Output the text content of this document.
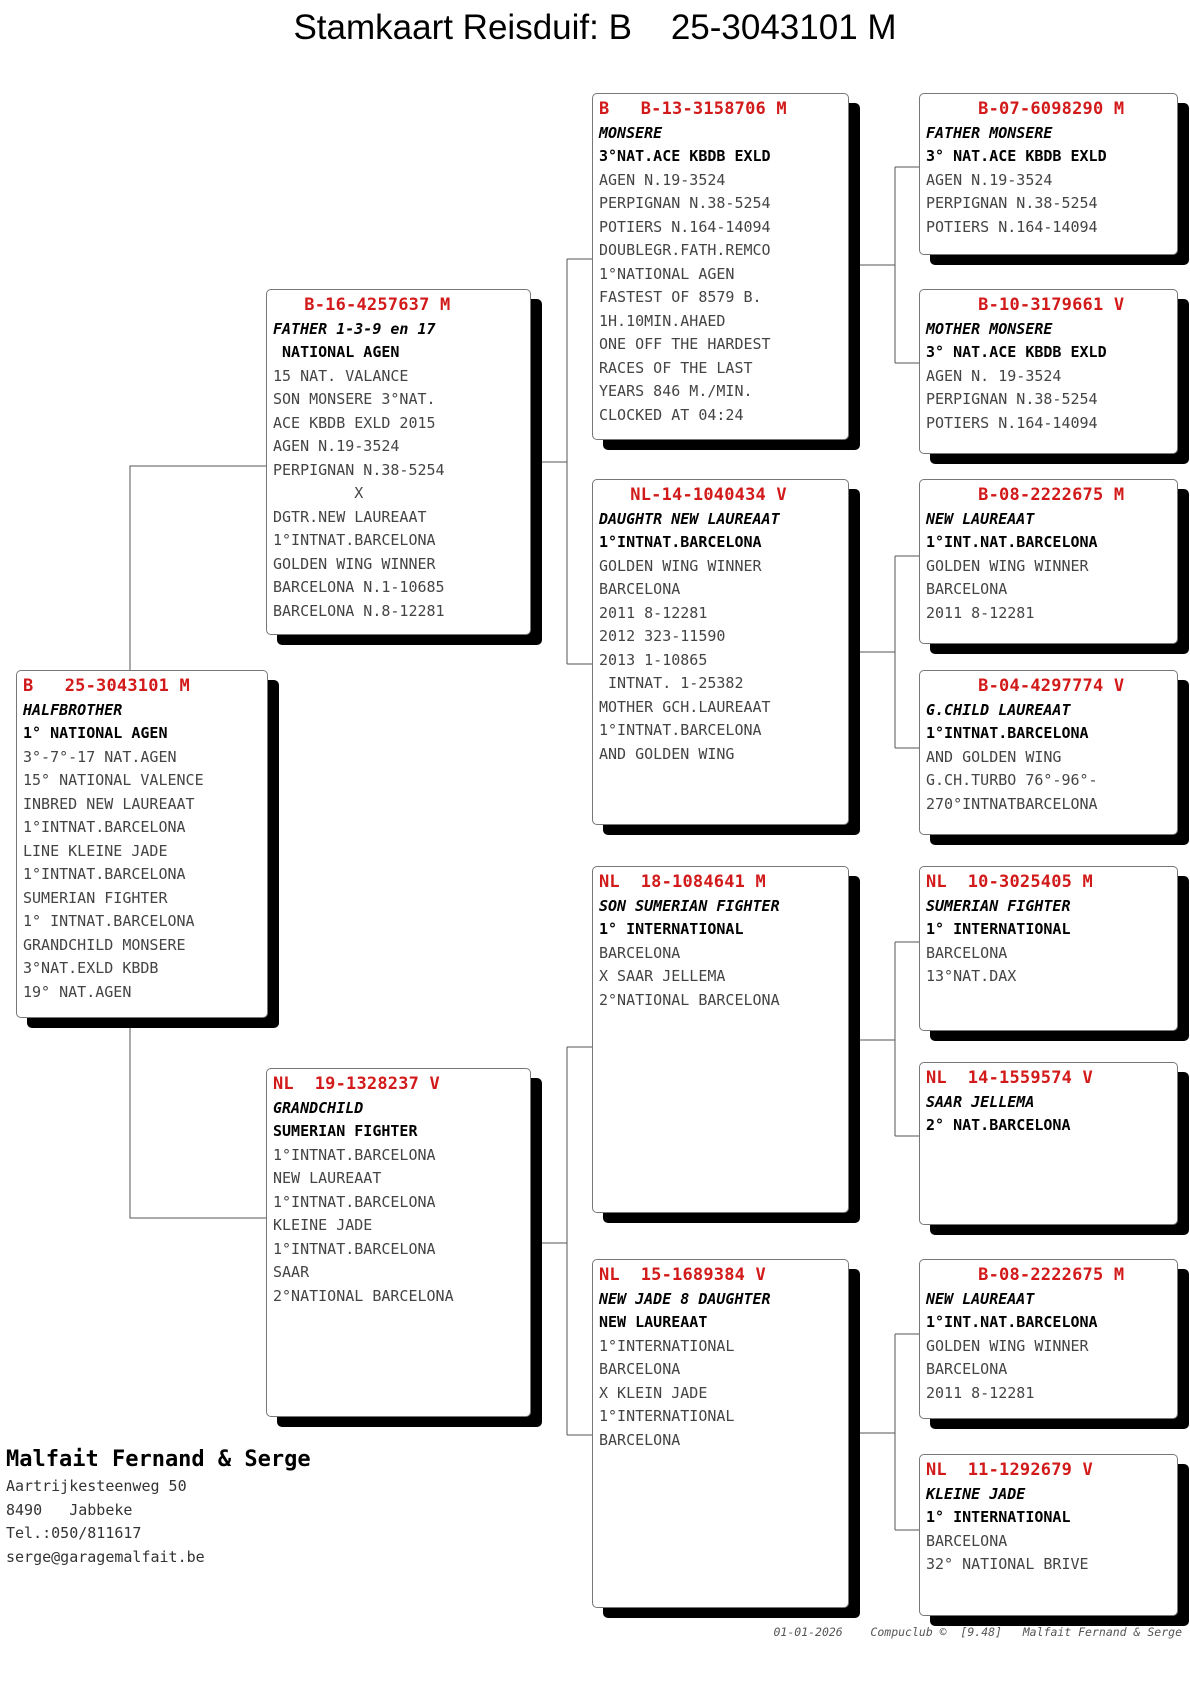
Stamkaart Reisduif: B    25-3043101 M
B   25-3043101 M
HALFBROTHER
1° NATIONAL AGEN
3°-7°-17 NAT.AGEN
15° NATIONAL VALENCE
INBRED NEW LAUREAAT
1°INTNAT.BARCELONA
LINE KLEINE JADE
1°INTNAT.BARCELONA
SUMERIAN FIGHTER
1° INTNAT.BARCELONA
GRANDCHILD MONSERE
3°NAT.EXLD KBDB
19° NAT.AGEN
B-16-4257637 M
FATHER 1-3-9 en 17
NATIONAL AGEN
15 NAT. VALANCE
SON MONSERE 3°NAT.
ACE KBDB EXLD 2015
AGEN N.19-3524
PERPIGNAN N.38-5254
X
DGTR.NEW LAUREAAT
1°INTNAT.BARCELONA
GOLDEN WING WINNER
BARCELONA N.1-10685
BARCELONA N.8-12281
NL  19-1328237 V
GRANDCHILD
SUMERIAN FIGHTER
1°INTNAT.BARCELONA
NEW LAUREAAT
1°INTNAT.BARCELONA
KLEINE JADE
1°INTNAT.BARCELONA
SAAR
2°NATIONAL BARCELONA
B   B-13-3158706 M
MONSERE
3°NAT.ACE KBDB EXLD
AGEN N.19-3524
PERPIGNAN N.38-5254
POTIERS N.164-14094
DOUBLEGR.FATH.REMCO
1°NATIONAL AGEN
FASTEST OF 8579 B.
1H.10MIN.AHAED
ONE OFF THE HARDEST
RACES OF THE LAST
YEARS 846 M./MIN.
CLOCKED AT 04:24
NL-14-1040434 V
DAUGHTR NEW LAUREAAT
1°INTNAT.BARCELONA
GOLDEN WING WINNER
BARCELONA
2011 8-12281
2012 323-11590
2013 1-10865
INTNAT. 1-25382
MOTHER GCH.LAUREAAT
1°INTNAT.BARCELONA
AND GOLDEN WING
NL  18-1084641 M
SON SUMERIAN FIGHTER
1° INTERNATIONAL
BARCELONA
X SAAR JELLEMA
2°NATIONAL BARCELONA
NL  15-1689384 V
NEW JADE 8 DAUGHTER
NEW LAUREAAT
1°INTERNATIONAL
BARCELONA
X KLEIN JADE
1°INTERNATIONAL
BARCELONA
B-07-6098290 M
FATHER MONSERE
3° NAT.ACE KBDB EXLD
AGEN N.19-3524
PERPIGNAN N.38-5254
POTIERS N.164-14094
B-10-3179661 V
MOTHER MONSERE
3° NAT.ACE KBDB EXLD
AGEN N. 19-3524
PERPIGNAN N.38-5254
POTIERS N.164-14094
B-08-2222675 M
NEW LAUREAAT
1°INT.NAT.BARCELONA
GOLDEN WING WINNER
BARCELONA
2011 8-12281
B-04-4297774 V
G.CHILD LAUREAAT
1°INTNAT.BARCELONA
AND GOLDEN WING
G.CH.TURBO 76°-96°-
270°INTNATBARCELONA
NL  10-3025405 M
SUMERIAN FIGHTER
1° INTERNATIONAL
BARCELONA
13°NAT.DAX
NL  14-1559574 V
SAAR JELLEMA
2° NAT.BARCELONA
B-08-2222675 M
NEW LAUREAAT
1°INT.NAT.BARCELONA
GOLDEN WING WINNER
BARCELONA
2011 8-12281
NL  11-1292679 V
KLEINE JADE
1° INTERNATIONAL
BARCELONA
32° NATIONAL BRIVE
Malfait Fernand & Serge
Aartrijkesteenweg 50
8490   Jabbeke
Tel.:050/811617
serge@garagemalfait.be
01-01-2026    Compuclub ©  [9.48]   Malfait Fernand & Serge
